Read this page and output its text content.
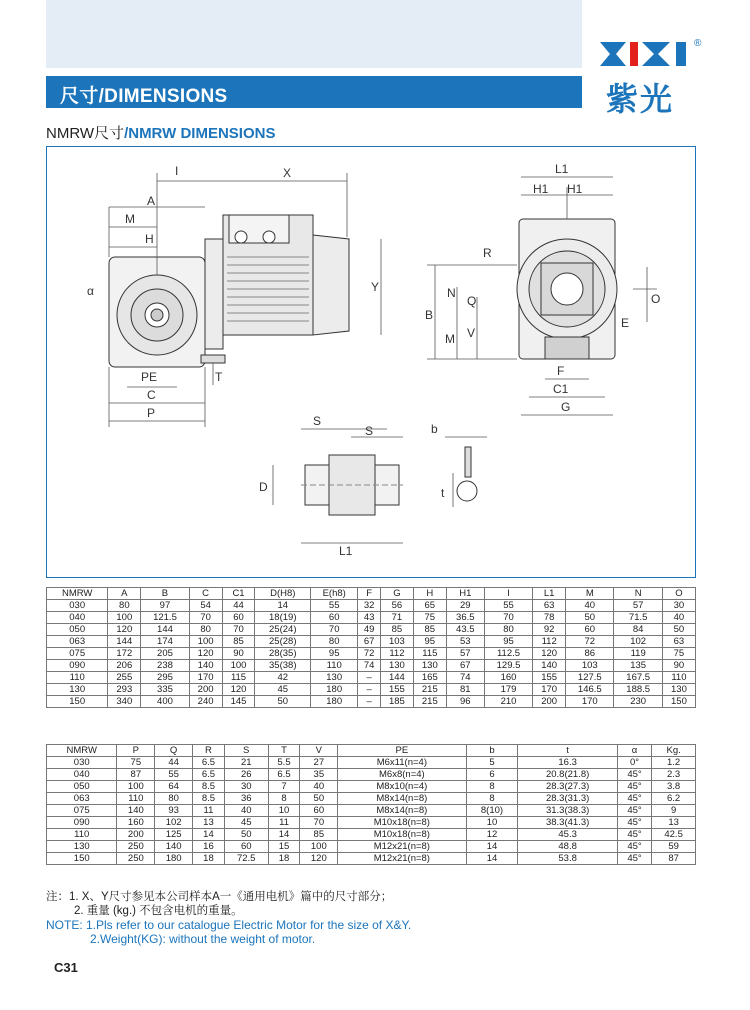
尺寸/DIMENSIONS
®
紫光
NMRW尺寸/NMRW DIMENSIONS
I	X
A
M
H
α	Y
PE
C
P
T
L1
H1 H1
R
B
N
Q
M V
O
E
F
C1
G
S
S	b
D	t
L1
NMRW	A	B	C	C1	D(H8)	E(h8)	F	G	H	H1	I	L1	M	N	O
030	80	97	54	44	14	55	32	56	65	29	55	63	40	57	30
040	100	121.5	70	60	18(19)	60	43	71	75	36.5	70	78	50	71.5	40
050	120	144	80	70	25(24)	70	49	85	85	43.5	80	92	60	84	50
063	144	174	100	85	25(28)	80	67	103	95	53	95	112	72	102	63
075	172	205	120	90	28(35)	95	72	112	115	57	112.5	120	86	119	75
090	206	238	140	100	35(38)	110	74	130	130	67	129.5	140	103	135	90
110	255	295	170	115	42	130	–	144	165	74	160	155	127.5	167.5	110
130	293	335	200	120	45	180	–	155	215	81	179	170	146.5	188.5	130
150	340	400	240	145	50	180	–	185	215	96	210	200	170	230	150
NMRW	P	Q	R	S	T	V	PE	b	t	α	Kg.
030	75	44	6.5	21	5.5	27	M6x11(n=4)	5	16.3	0°	1.2
040	87	55	6.5	26	6.5	35	M6x8(n=4)	6	20.8(21.8)	45°	2.3
050	100	64	8.5	30	7	40	M8x10(n=4)	8	28.3(27.3)	45°	3.8
063	110	80	8.5	36	8	50	M8x14(n=8)	8	28.3(31.3)	45°	6.2
075	140	93	11	40	10	60	M8x14(n=8)	8(10)	31.3(38.3)	45°	9
090	160	102	13	45	11	70	M10x18(n=8)	10	38.3(41.3)	45°	13
110	200	125	14	50	14	85	M10x18(n=8)	12	45.3	45°	42.5
130	250	140	16	60	15	100	M12x21(n=8)	14	48.8	45°	59
150	250	180	18	72.5	18	120	M12x21(n=8)	14	53.8	45°	87
注：1. X、Y尺寸参见本公司样本A一《通用电机》篇中的尺寸部分；
2. 重量 (kg.) 不包含电机的重量。
NOTE: 1.Pls refer to our catalogue Electric Motor for the size of X&Y.
2.Weight(KG): without the weight of motor.
C31
